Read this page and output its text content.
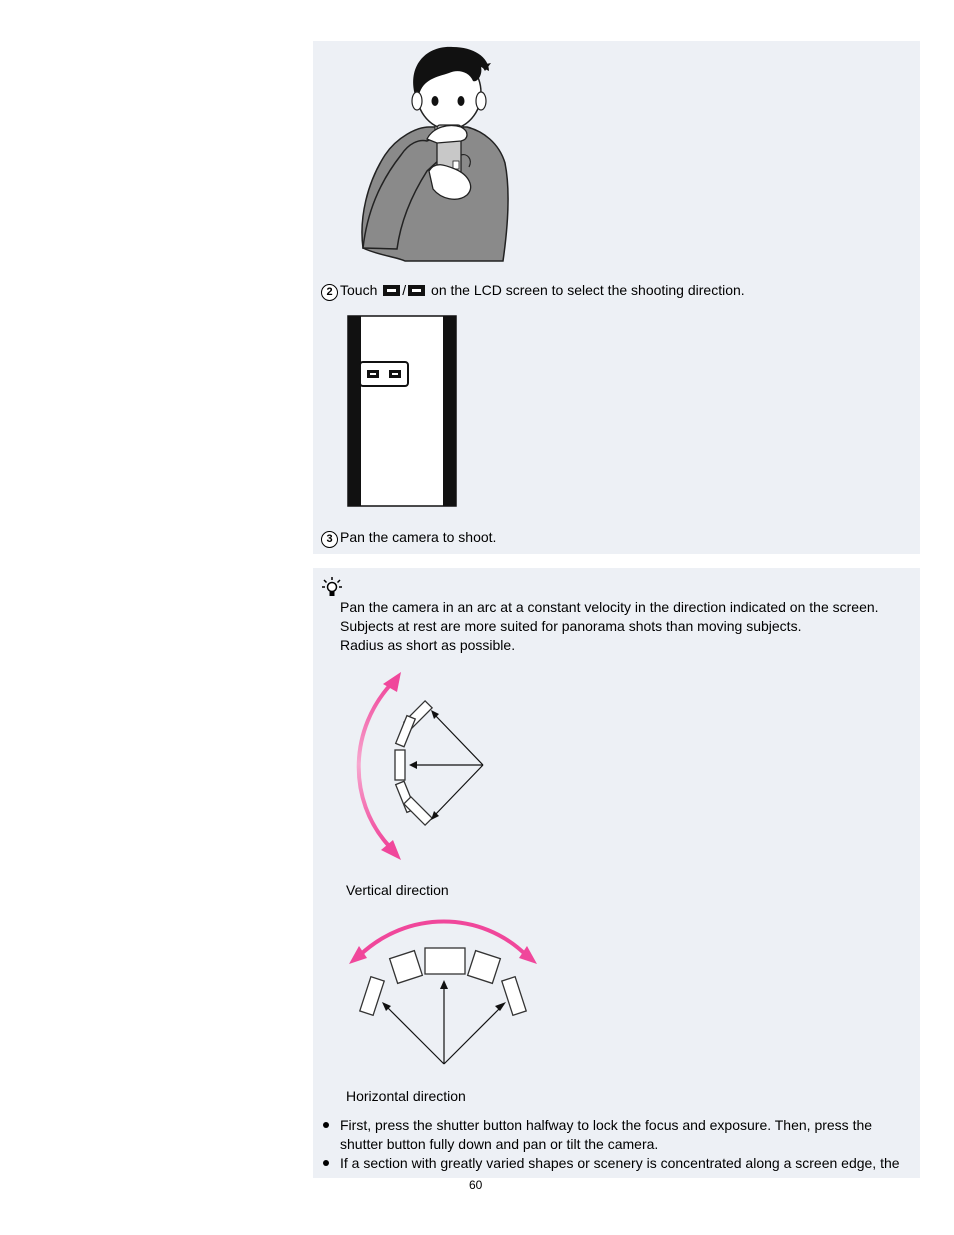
2 Touch / on the LCD screen to select the shooting direction.
3 Pan the camera to shoot.
Pan the camera in an arc at a constant velocity in the direction indicated on the screen.
Subjects at rest are more suited for panorama shots than moving subjects.
Radius as short as possible.
Vertical direction
Horizontal direction
First, press the shutter button halfway to lock the focus and exposure. Then, press the
shutter button fully down and pan or tilt the camera.
If a section with greatly varied shapes or scenery is concentrated along a screen edge, the
60
